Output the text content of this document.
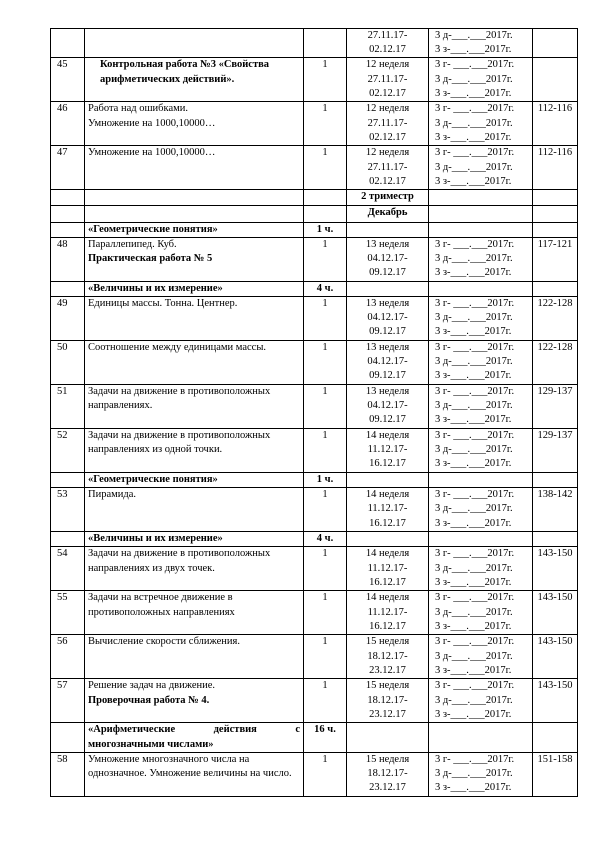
		27.11.17-
02.12.17	3 д-___.___2017г.
3 з-___.___2017г.	
45	Контрольная работа №3 «Свойства арифметических действий».	1	12 неделя
27.11.17-
02.12.17	3 г- ___.___2017г.
3 д-___.___2017г.
3 з-___.___2017г.	
46	Работа над ошибками.
Умножение на 1000,10000…	1	12 неделя
27.11.17-
02.12.17	3 г- ___.___2017г.
3 д-___.___2017г.
3 з-___.___2017г.	112-116
47	Умножение на 1000,10000…	1	12 неделя
27.11.17-
02.12.17	3 г- ___.___2017г.
3 д-___.___2017г.
3 з-___.___2017г.	112-116

		2 триместр		

		Декабрь		
	«Геометрические понятия»	1 ч.			
48	Параллепипед. Куб.
Практическая работа № 5	1	13 неделя
04.12.17-
09.12.17	3 г- ___.___2017г.
3 д-___.___2017г.
3 з-___.___2017г.	117-121
	«Величины и их измерение»	4 ч.			
49	Единицы массы. Тонна. Центнер.	1	13 неделя
04.12.17-
09.12.17	3 г- ___.___2017г.
3 д-___.___2017г.
3 з-___.___2017г.	122-128
50	Соотношение между единицами массы.	1	13 неделя
04.12.17-
09.12.17	3 г- ___.___2017г.
3 д-___.___2017г.
3 з-___.___2017г.	122-128
51	Задачи на движение в противоположных направлениях.	1	13 неделя
04.12.17-
09.12.17	3 г- ___.___2017г.
3 д-___.___2017г.
3 з-___.___2017г.	129-137
52	Задачи на движение в противоположных направлениях из одной точки.	1	14 неделя
11.12.17-
16.12.17	3 г- ___.___2017г.
3 д-___.___2017г.
3 з-___.___2017г.	129-137
	«Геометрические понятия»	1 ч.			
53	Пирамида.	1	14 неделя
11.12.17-
16.12.17	3 г- ___.___2017г.
3 д-___.___2017г.
3 з-___.___2017г.	138-142
	«Величины и их измерение»	4 ч.			
54	Задачи на движение в противоположных направлениях из двух точек.	1	14 неделя
11.12.17-
16.12.17	3 г- ___.___2017г.
3 д-___.___2017г.
3 з-___.___2017г.	143-150
55	Задачи на встречное движение в противоположных направлениях	1	14 неделя
11.12.17-
16.12.17	3 г- ___.___2017г.
3 д-___.___2017г.
3 з-___.___2017г.	143-150
56	Вычисление скорости сближения.	1	15 неделя
18.12.17-
23.12.17	3 г- ___.___2017г.
3 д-___.___2017г.
3 з-___.___2017г.	143-150
57	Решение задач на движение.
Проверочная работа № 4.	1	15 неделя
18.12.17-
23.12.17	3 г- ___.___2017г.
3 д-___.___2017г.
3 з-___.___2017г.	143-150
	«Арифметические действия с многозначными числами»	16 ч.			
58	Умножение многозначного числа на однозначное. Умножение величины на число.	1	15 неделя
18.12.17-
23.12.17	3 г- ___.___2017г.
3 д-___.___2017г.
3 з-___.___2017г.	151-158
